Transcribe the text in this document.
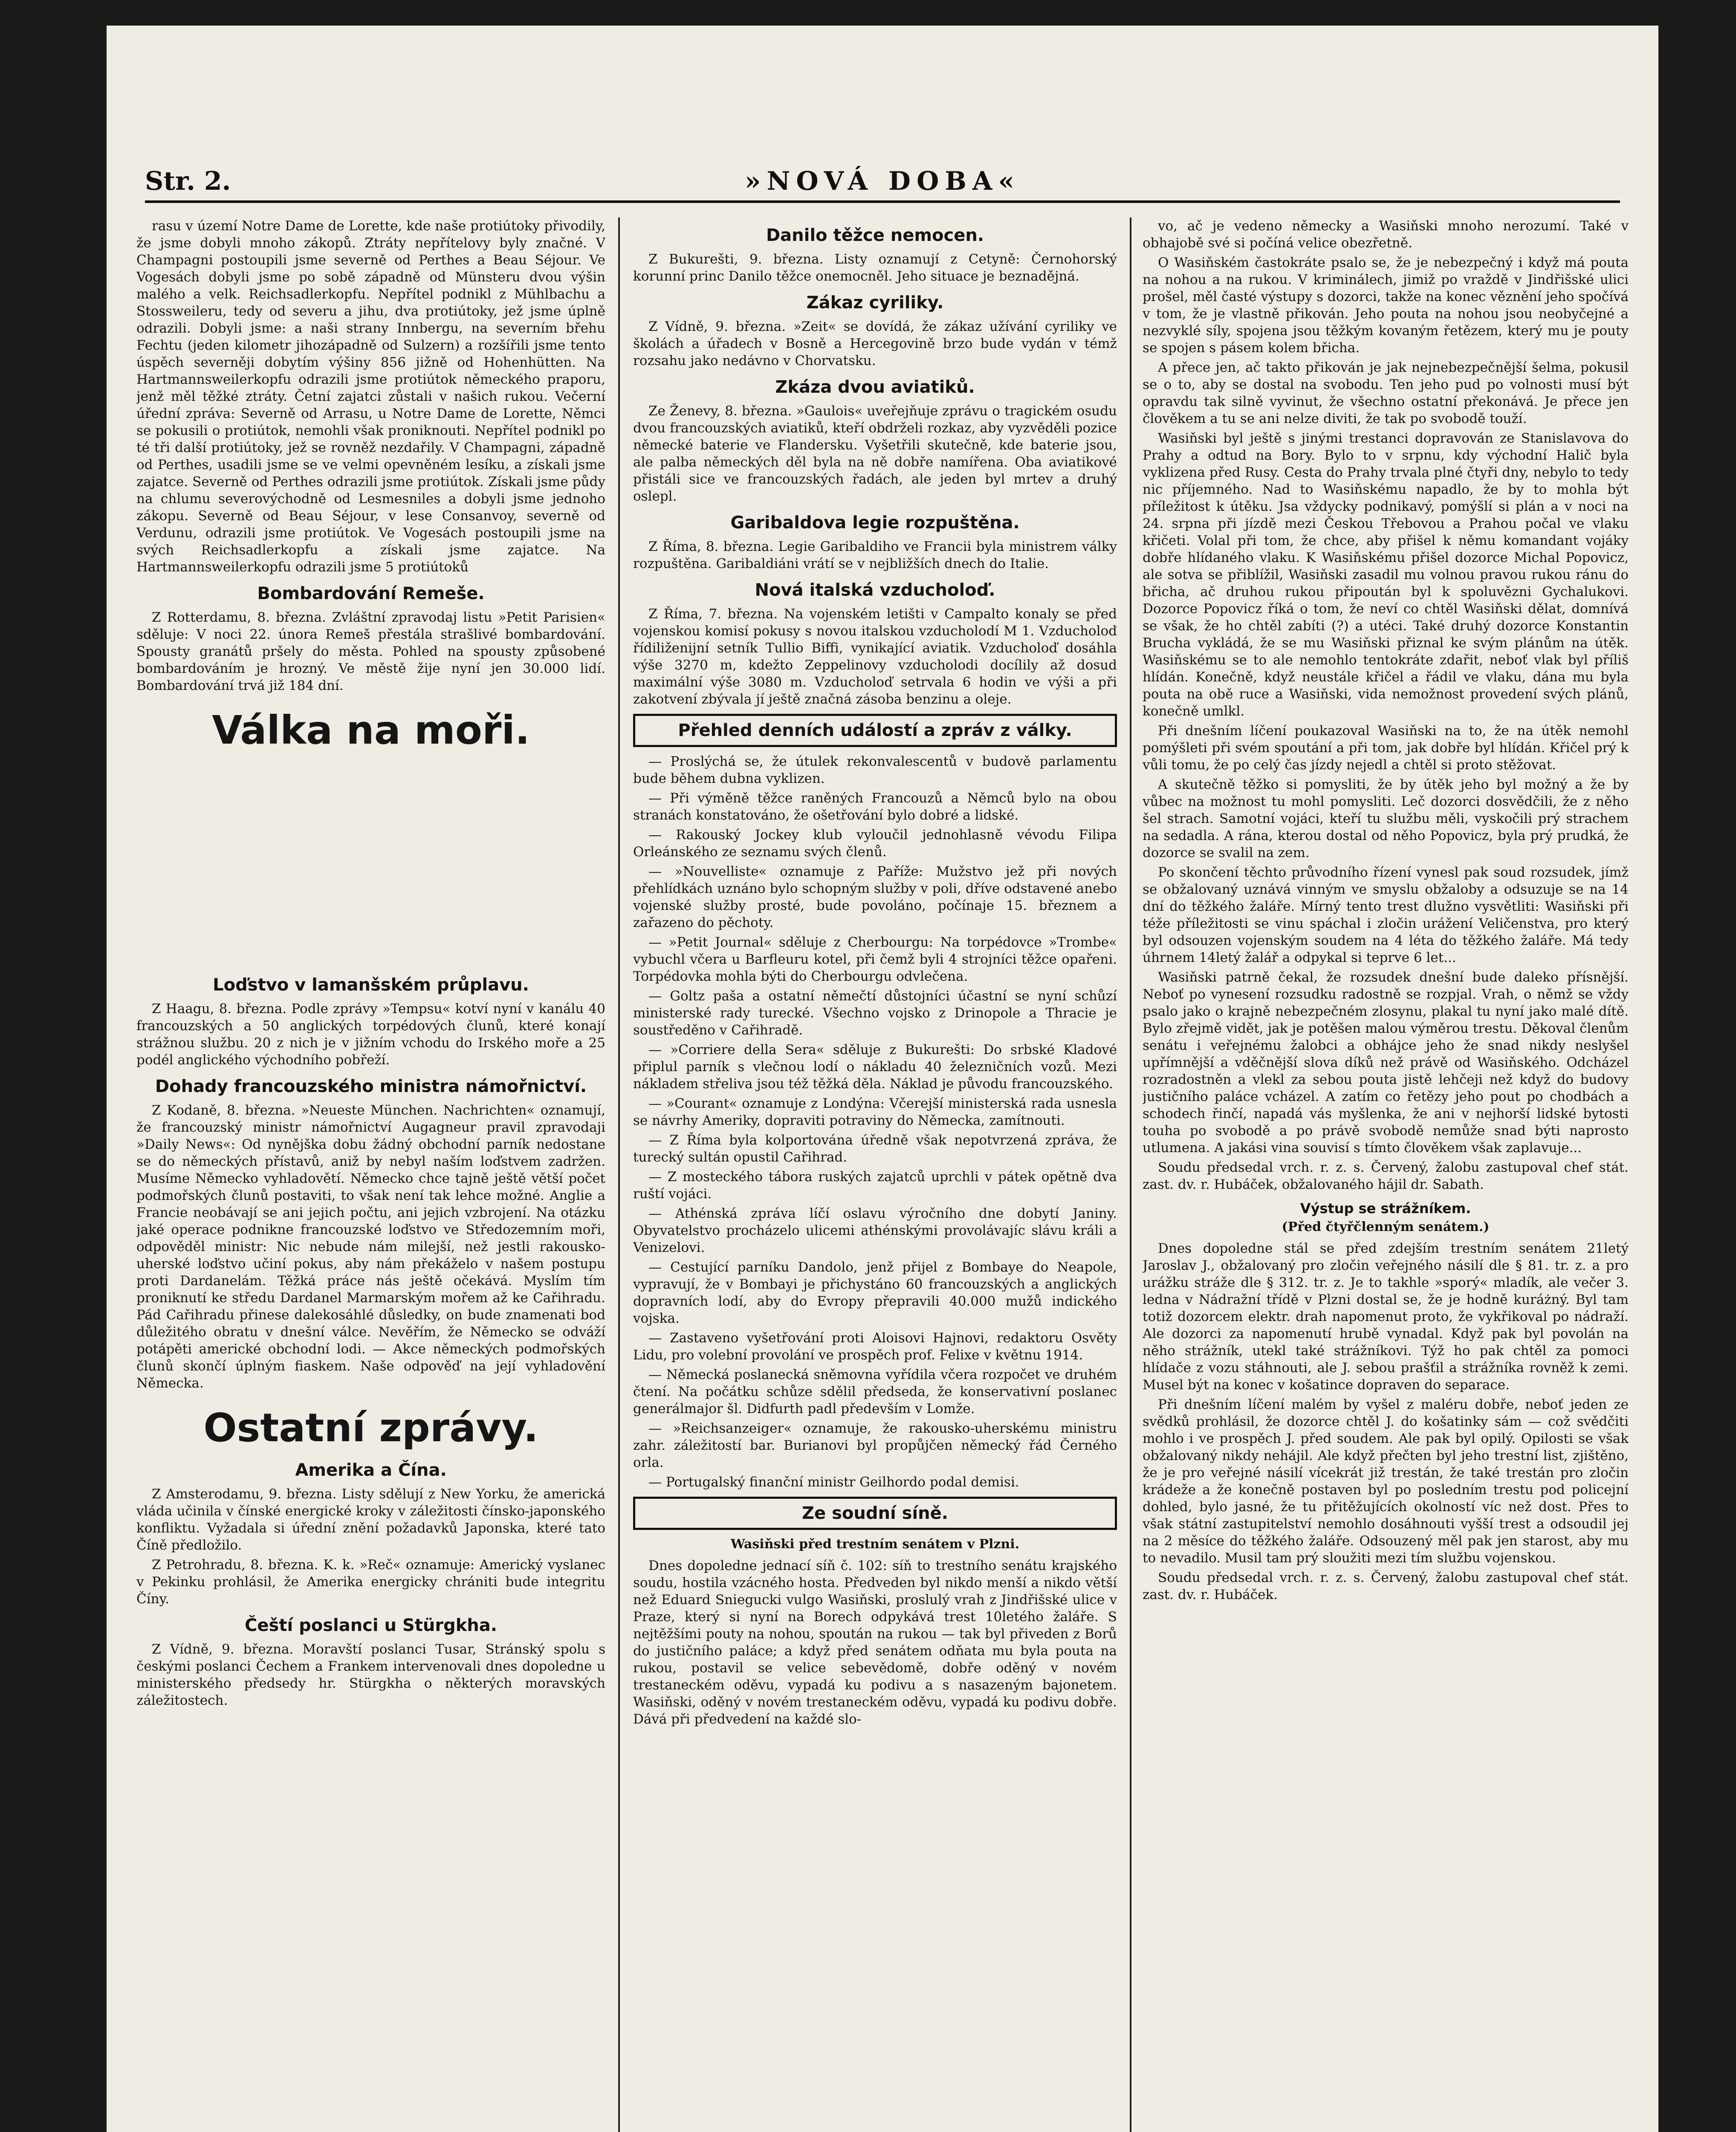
Str. 2.	»NOVÁ DOBA«

rasu v území Notre Dame de Lorette, kde naše protiútoky přivodily, že jsme dobyli mnoho zákopů. Ztráty nepřítelovy byly značné. V Champagni postoupili jsme severně od Perthes a Beau Séjour. Ve Vogesách dobyli jsme po sobě západně od Münsteru dvou výšin malého a velk. Reichsadlerkopfu. Nepřítel podnikl z Mühlbachu a Stossweileru, tedy od severu a jihu, dva protiútoky, jež jsme úplně odrazili. Dobyli jsme: a naši strany Innbergu, na severním břehu Fechtu (jeden kilometr jihozápadně od Sulzern) a rozšířili jsme tento úspěch severněji dobytím výšiny 856 jižně od Hohenhütten. Na Hartmannsweilerkopfu odrazili jsme protiútok německého praporu, jenž měl těžké ztráty. Četní zajatci zůstali v našich rukou. Večerní úřední zpráva: Severně od Arrasu, u Notre Dame de Lorette, Němci se pokusili o protiútok, nemohli však proniknouti. Nepřítel podnikl po té tři další protiútoky, jež se rovněž nezdařily. V Champagni, západně od Perthes, usadili jsme se ve velmi opevněném lesíku, a získali jsme zajatce. Severně od Perthes odrazili jsme protiútok. Získali jsme půdy na chlumu severovýchodně od Lesmesniles a dobyli jsme jednoho zákopu. Severně od Beau Séjour, v lese Consanvoy, severně od Verdunu, odrazili jsme protiútok. Ve Vogesách postoupili jsme na svých Reichsadlerkopfu a získali jsme zajatce. Na Hartmannsweilerkopfu odrazili jsme 5 protiútoků

Bombardování Remeše.

Z Rotterdamu, 8. března. Zvláštní zpravodaj listu »Petit Parisien« sděluje: V noci 22. února Remeš přestála strašlivé bombardování. Spousty granátů pršely do města. Pohled na spousty způsobené bombardováním je hrozný. Ve městě žije nyní jen 30.000 lidí. Bombardování trvá již 184 dní.

Válka na moři.
Loďstvo v lamanšském průplavu.

Z Haagu, 8. března. Podle zprávy »Tempsu« kotví nyní v kanálu 40 francouzských a 50 anglických torpédových člunů, které konají strážnou službu. 20 z nich je v jižním vchodu do Irského moře a 25 podél anglického východního pobřeží.

Dohady francouzského ministra námořnictví.

Z Kodaně, 8. března. »Neueste München. Nachrichten« oznamují, že francouzský ministr námořnictví Augagneur pravil zpravodaji »Daily News«: Od nynějška dobu žádný obchodní parník nedostane se do německých přístavů, aniž by nebyl naším loďstvem zadržen. Musíme Německo vyhladovětí. Německo chce tajně ještě větší počet podmořských člunů postaviti, to však není tak lehce možné. Anglie a Francie neobávají se ani jejich počtu, ani jejich vzbrojení. Na otázku jaké operace podnikne francouzské loďstvo ve Středozemním moři, odpověděl ministr: Nic nebude nám milejší, než jestli rakousko-uherské loďstvo učiní pokus, aby nám překáželo v našem postupu proti Dardanelám. Těžká práce nás ještě očekává. Myslím tím proniknutí ke středu Dardanel Marmarským mořem až ke Cařihradu. Pád Cařihradu přinese dalekosáhlé důsledky, on bude znamenati bod důležitého obratu v dnešní válce. Nevěřím, že Německo se odváží potápěti americké obchodní lodi. — Akce německých podmořských člunů skončí úplným fiaskem. Naše odpověď na její vyhladovění Německa.

Ostatní zprávy.
Amerika a Čína.

Z Amsterodamu, 9. března. Listy sdělují z New Yorku, že americká vláda učinila v čínské energické kroky v záležitosti čínsko-japonského konfliktu. Vyžadala si úřední znění požadavků Japonska, které tato Číně předložilo.

Z Petrohradu, 8. března. K. k. »Reč« oznamuje: Americký vyslanec v Pekinku prohlásil, že Amerika energicky chrániti bude integritu Číny.

Čeští poslanci u Stürgkha.

Z Vídně, 9. března. Moravští poslanci Tusar, Stránský spolu s českými poslanci Čechem a Frankem intervenovali dnes dopoledne u ministerského předsedy hr. Stürgkha o některých moravských záležitostech.

Danilo těžce nemocen.

Z Bukurešti, 9. března. Listy oznamují z Cetyně: Černohorský korunní princ Danilo těžce onemocněl. Jeho situace je beznadějná.

Zákaz cyriliky.

Z Vídně, 9. března. »Zeit« se dovídá, že zákaz užívání cyriliky ve školách a úřadech v Bosně a Hercegovině brzo bude vydán v témž rozsahu jako nedávno v Chorvatsku.

Zkáza dvou aviatiků.

Ze Ženevy, 8. března. »Gaulois« uveřejňuje zprávu o tragickém osudu dvou francouzských aviatiků, kteří obdrželi rozkaz, aby vyzvěděli pozice německé baterie ve Flandersku. Vyšetřili skutečně, kde baterie jsou, ale palba německých děl byla na ně dobře namířena. Oba aviatikové přistáli sice ve francouzských řadách, ale jeden byl mrtev a druhý oslepl.

Garibaldova legie rozpuštěna.

Z Říma, 8. března. Legie Garibaldiho ve Francii byla ministrem války rozpuštěna. Garibaldiáni vrátí se v nejbližších dnech do Italie.

Nová italská vzducholoď.

Z Říma, 7. března. Na vojenském letišti v Campalto konaly se před vojenskou komisí pokusy s novou italskou vzducholodí M 1. Vzducholoď řídiliženijní setník Tullio Biffi, vynikající aviatik. Vzducholoď dosáhla výše 3270 m, kdežto Zeppelinovy vzducholodi docílily až dosud maximální výše 3080 m. Vzducholoď setrvala 6 hodin ve výši a při zakotvení zbývala jí ještě značná zásoba benzinu a oleje.

Přehled denních událostí a zpráv z války.

— Proslýchá se, že útulek rekonvalescentů v budově parlamentu bude během dubna vyklizen.

— Při výměně těžce raněných Francouzů a Němců bylo na obou stranách konstatováno, že ošetřování bylo dobré a lidské.

— Rakouský Jockey klub vyloučil jednohlasně vévodu Filipa Orleánského ze seznamu svých členů.

— »Nouvelliste« oznamuje z Paříže: Mužstvo jež při nových přehlídkách uznáno bylo schopným služby v poli, dříve odstavené anebo vojenské služby prosté, bude povoláno, počínaje 15. březnem a zařazeno do pěchoty.

— »Petit Journal« sděluje z Cherbourgu: Na torpédovce »Trombe« vybuchl včera u Barfleuru kotel, při čemž byli 4 strojníci těžce opařeni. Torpédovka mohla býti do Cherbourgu odvlečena.

— Goltz paša a ostatní němečtí důstojníci účastní se nyní schůzí ministerské rady turecké. Všechno vojsko z Drinopole a Thracie je soustředěno v Cařihradě.

— »Corriere della Sera« sděluje z Bukurešti: Do srbské Kladové připlul parník s vlečnou lodí o nákladu 40 železničních vozů. Mezi nákladem střelivа jsou též těžká děla. Náklad je původu francouzského.

— »Courant« oznamuje z Londýna: Včerejší ministerská rada usnesla se návrhy Ameriky, dopraviti potraviny do Německa, zamítnouti.

— Z Říma byla kolportována úředně však nepotvrzená zpráva, že turecký sultán opustil Cařihrad.

— Z mosteckého tábora ruských zajatců uprchli v pátek opětně dva ruští vojáci.

— Athénská zpráva líčí oslavu výročního dne dobytí Janiny. Obyvatelstvo procházelo ulicemi athénskými provolávajíc slávu králi a Venizelovi.

— Cestující parníku Dandolo, jenž přijel z Bombaye do Neapole, vypravují, že v Bombayi je přichystáno 60 francouzských a anglických dopravních lodí, aby do Evropy přepravili 40.000 mužů indického vojska.

— Zastaveno vyšetřování proti Aloisovi Hajnovi, redaktoru Osvěty Lidu, pro volební provolání ve prospěch prof. Felixe v květnu 1914.

— Německá poslanecká sněmovna vyřídila včera rozpočet ve druhém čtení. Na počátku schůze sdělil předseda, že konservativní poslanec generálmajor šl. Didfurth padl především v Lomže.

— »Reichsanzeiger« oznamuje, že rakousko-uherskému ministru zahr. záležitostí bar. Burianovi byl propůjčen německý řád Černého orla.

— Portugalský finanční ministr Geilhordo podal demisi.

Ze soudní síně.

Wasiňski před trestním senátem v Plzni.

Dnes dopoledne jednací síň č. 102: síň to trestního senátu krajského soudu, hostila vzácného hosta. Předveden byl nikdo menší a nikdo větší než Eduard Sniegucki vulgo Wasiňski, proslulý vrah z Jindřišské ulice v Praze, který si nyní na Borech odpykává trest 10letého žaláře. S nejtěžšími pouty na nohou, spoután na rukou — tak byl přiveden z Borů do justičního paláce; a když před senátem odňata mu byla pouta na rukou, postavil se velice sebevědomě, dobře oděný v novém trestaneckém oděvu, vypadá ku podivu a s nasazeným bajonetem. Wasiňski, oděný v novém trestaneckém oděvu, vypadá ku podivu dobře. Dává při předvedení na každé slo-

vo, ač je vedeno německy a Wasiňski mnoho nerozumí. Také v obhajobě své si počíná velice obezřetně.

O Wasiňském častokráte psalo se, že je nebezpečný i když má pouta na nohou a na rukou. V kriminálech, jimiž po vraždě v Jindřišské ulici prošel, měl časté výstupy s dozorci, takže na konec věznění jeho spočívá v tom, že je vlastně přikován. Jeho pouta na nohou jsou neobyčejné a nezvyklé síly, spojena jsou těžkým kovaným řetězem, který mu je pouty se spojen s pásem kolem břicha.

A přece jen, ač takto přikován je jak nejnebezpečnější šelma, pokusil se o to, aby se dostal na svobodu. Ten jeho pud po volnosti musí být opravdu tak silně vyvinut, že všechno ostatní překonává. Je přece jen člověkem a tu se ani nelze diviti, že tak po svobodě touží.

Wasiňski byl ještě s jinými trestanci dopravován ze Stanislavova do Prahy a odtud na Bory. Bylo to v srpnu, kdy východní Halič byla vyklizena před Rusy. Cesta do Prahy trvala plné čtyři dny, nebylo to tedy nic příjemného. Nad to Wasiňskému napadlo, že by to mohla být příležitost k útěku. Jsa vždycky podnikavý, pomýšlí si plán a v noci na 24. srpna při jízdě mezi Českou Třebovou a Prahou počal ve vlaku křičeti. Volal při tom, že chce, aby přišel k němu komandant vojáky dobře hlídaného vlaku. K Wasiňskému přišel dozorce Michal Popovicz, ale sotva se přiblížil, Wasiňski zasadil mu volnou pravou rukou ránu do břicha, ač druhou rukou připoután byl k spoluvězni Gychalukovi. Dozorce Popovicz říká o tom, že neví co chtěl Wasiňski dělat, domnívá se však, že ho chtěl zabíti (?) a utéci. Také druhý dozorce Konstantin Brucha vykládá, že se mu Wasiňski přiznal ke svým plánům na útěk. Wasiňskému se to ale nemohlo tentokráte zdařit, neboť vlak byl příliš hlídán. Konečně, když neustále křičel a řádil ve vlaku, dána mu byla pouta na obě ruce a Wasiňski, vida nemožnost provedení svých plánů, konečně umlkl.

Při dnešním líčení poukazoval Wasiňski na to, že na útěk nemohl pomýšleti při svém spoutání a při tom, jak dobře byl hlídán. Křičel prý k vůli tomu, že po celý čas jízdy nejedl a chtěl si proto stěžovat.

A skutečně těžko si pomysliti, že by útěk jeho byl možný a že by vůbec na možnost tu mohl pomysliti. Leč dozorci dosvědčili, že z něho šel strach. Samotní vojáci, kteří tu službu měli, vyskočili prý strachem na sedadla. A rána, kterou dostal od něho Popovicz, byla prý prudká, že dozorce se svalil na zem.

Po skončení těchto průvodního řízení vynesl pak soud rozsudek, jímž se obžalovaný uznává vinným ve smyslu obžaloby a odsuzuje se na 14 dní do těžkého žaláře. Mírný tento trest dlužno vysvětliti: Wasiňski při téže příležitosti se vinu spáchal i zločin urážení Veličenstva, pro který byl odsouzen vojenským soudem na 4 léta do těžkého žaláře. Má tedy úhrnem 14letý žalář a odpykal si teprve 6 let...

Wasiňski patrně čekal, že rozsudek dnešní bude daleko přísnější. Neboť po vynesení rozsudku radostně se rozpjal. Vrah, o němž se vždy psalo jako o krajně nebezpečném zlosynu, plakal tu nyní jako malé dítě. Bylo zřejmě vidět, jak je potěšen malou výměrou trestu. Děkoval členům senátu i veřejnému žalobci a obhájce jeho že snad nikdy neslyšel upřímnější a vděčnější slova díků než právě od Wasiňského. Odcházel rozradostněn a vlekl za sebou pouta jistě lehčeji než když do budovy justičního paláce vcházel. A zatím co řetězy jeho pout po chodbách a schodech řinčí, napadá vás myšlenka, že ani v nejhorší lidské bytosti touha po svobodě a po právě svobodě nemůže snad býti naprosto utlumena. A jakási vina souvisí s tímto člověkem však zaplavuje...

Soudu předsedal vrch. r. z. s. Červený, žalobu zastupoval chef stát. zast. dv. r. Hubáček, obžalovaného hájil dr. Sabath.

Výstup se strážníkem.

(Před čtyřčlenným senátem.)

Dnes dopoledne stál se před zdejším trestním senátem 21letý Jaroslav J., obžalovaný pro zločin veřejného násilí dle § 81. tr. z. a pro urážku stráže dle § 312. tr. z. Je to takhle »sporý« mladík, ale večer 3. ledna v Nádražní třídě v Plzni dostal se, že je hodně kuráżný. Byl tam totiž dozorcem elektr. drah napomenut proto, že vykřikoval po nádraží. Ale dozorci za napomenutí hrubě vynadal. Když pak byl povolán na něho strážník, utekl také strážníkovi. Týž ho pak chtěl za pomoci hlídače z vozu stáhnouti, ale J. sebou prašťil a strážníka rovněž k zemi. Musel být na konec v košatince dopraven do separace.

Při dnešním líčení malém by vyšel z maléru dobře, neboť jeden ze svědků prohlásil, že dozorce chtěl J. do košatinky sám — což svědčiti mohlo i ve prospěch J. před soudem. Ale pak byl opilý. Opilosti se však obžalovaný nikdy nehájil. Ale když přečten byl jeho trestní list, zjištěno, že je pro veřejné násilí vícekrát již trestán, že také trestán pro zločin krádeže a že konečně postaven byl po posledním trestu pod policejní dohled, bylo jasné, že tu přitěžujících okolností víc než dost. Přes to však státní zastupitelství nemohlo dosáhnouti vyšší trest a odsoudil jej na 2 měsíce do těžkého žaláře. Odsouzený měl pak jen starost, aby mu to nevadilo. Musil tam prý sloužiti mezi tím službu vojenskou.

Soudu předsedal vrch. r. z. s. Červený, žalobu zastupoval chef stát. zast. dv. r. Hubáček.
